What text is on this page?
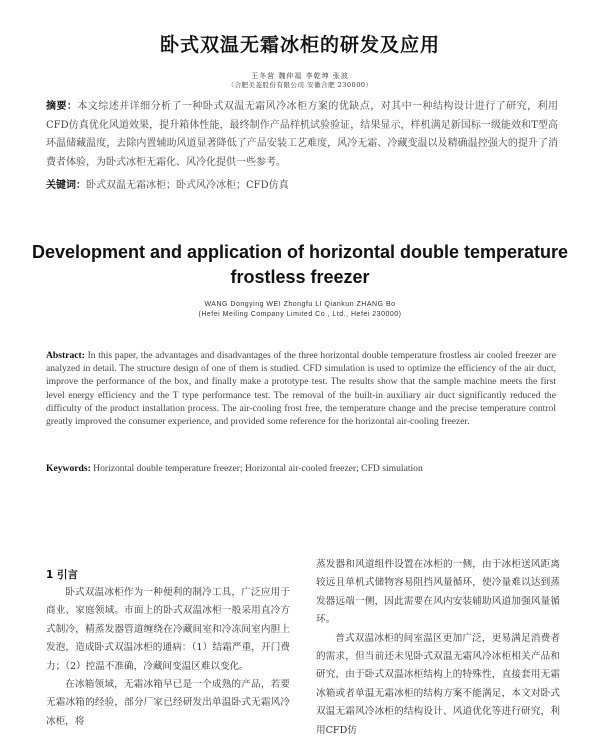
卧式双温无霜冰柜的研发及应用
王冬营 魏仲福 李乾坤 张波
（合肥美菱股份有限公司 安徽合肥 230000）
摘要：本文综述并详细分析了一种卧式双温无霜风冷冰柜方案的优缺点，对其中一种结构设计进行了研究，利用CFD仿真优化风道效果，提升箱体性能，最终制作产品样机试验验证，结果显示，样机满足新国标一级能效和T型高环温储藏温度，去除内置辅助风道显著降低了产品安装工艺难度，风冷无霜、冷藏变温以及精确温控强大的提升了消费者体验，为卧式冰柜无霜化、风冷化提供一些参考。
关键词：卧式双温无霜冰柜；卧式风冷冰柜；CFD仿真
Development and application of horizontal double temperature frostless freezer
WANG Dongying WEI Zhongfu LI Qiankun ZHANG Bo
(Hefei Meiling Company Limited Co., Ltd., Hefei 230000)
Abstract: In this paper, the advantages and disadvantages of the three horizontal double temperature frostless air cooled freezer are analyzed in detail. The structure design of one of them is studied. CFD simulation is used to optimize the efficiency of the air duct, improve the performance of the box, and finally make a prototype test. The results show that the sample machine meets the first level energy efficiency and the T type performance test. The removal of the built-in auxiliary air duct significantly reduced the difficulty of the product installation process. The air-cooling frost free, the temperature change and the precise temperature control greatly improved the consumer experience, and provided some reference for the horizontal air-cooling freezer.
Keywords: Horizontal double temperature freezer; Horizontal air-cooled freezer; CFD simulation
1 引言

卧式双温冰柜作为一种便利的制冷工具，广泛应用于商业、家庭领域。市面上的卧式双温冰柜一般采用直冷方式制冷，精蒸发器管道缠绕在冷藏间室和冷冻间室内胆上发泡，造成卧式双温冰柜的通病：（1）结霜严重，开门费力；（2）控温不准确，冷藏间变温区难以变化。

在冰箱领域，无霜冰箱早已是一个成熟的产品，若要无霜冰箱的经验，部分厂家已经研发出单温卧式无霜风冷冰柜，将

蒸发器和风道组件设置在冰柜的一侧，由于冰柜送风距离较远且单机式储物容易阻挡风量循环，使冷量难以达到蒸发器远端一侧，因此需要在风内安装辅助风道加强风量循环。

普式双温冰柜的间室温区更加广泛，更易满足消费者的需求，但当前还未见卧式双温无霜风冷冰柜相关产品和研究，由于卧式双温冰柜结构上的特殊性，直接套用无霜冰箱或者单温无霜冰柜的结构方案不能满足，本文对卧式双温无霜风冷冰柜的结构设计、风道优化等进行研究，利用CFD仿
